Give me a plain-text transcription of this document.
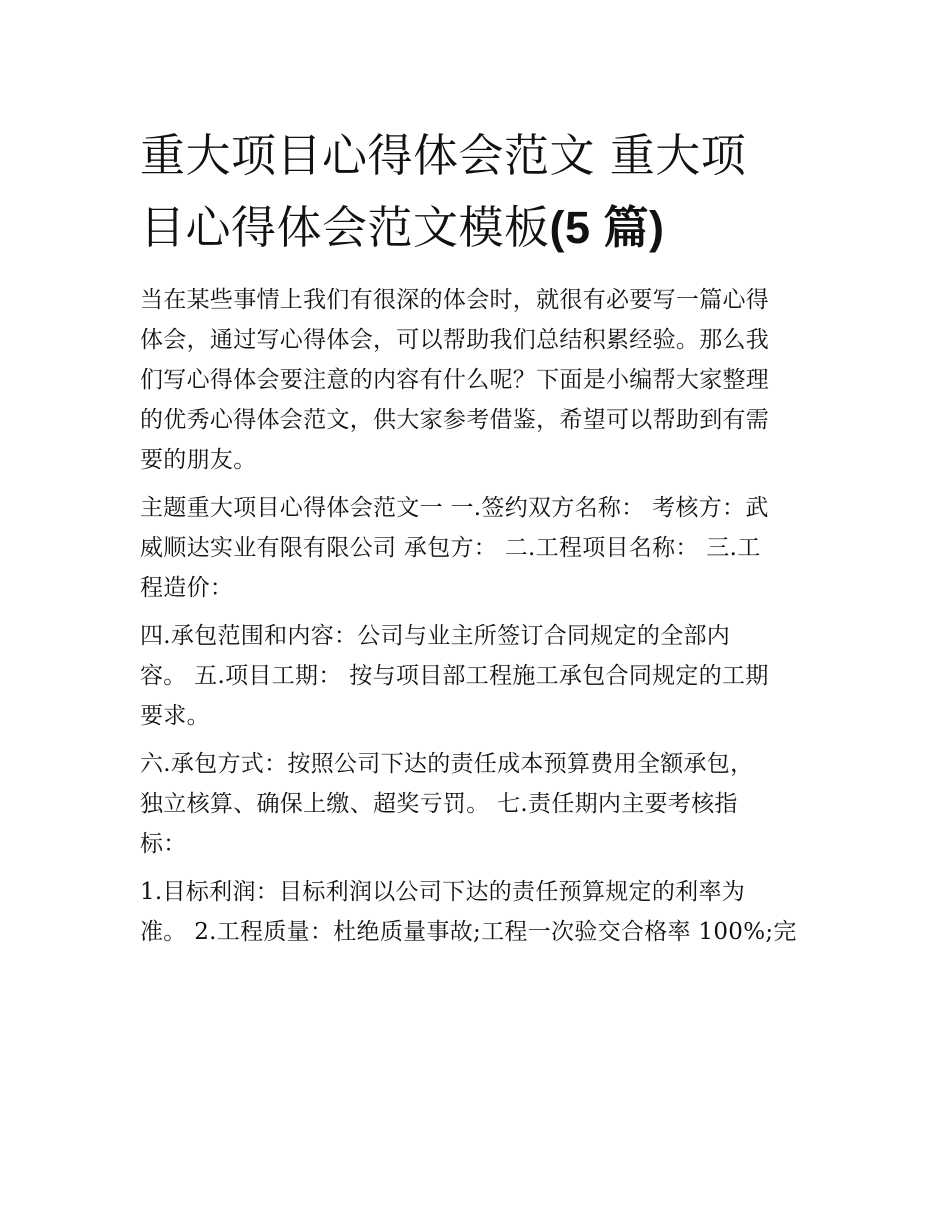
重大项目心得体会范文 重大项
目心得体会范文模板(5 篇)
当在某些事情上我们有很深的体会时，就很有必要写一篇心得
体会，通过写心得体会，可以帮助我们总结积累经验。那么我
们写心得体会要注意的内容有什么呢？下面是小编帮大家整理
的优秀心得体会范文，供大家参考借鉴，希望可以帮助到有需
要的朋友。
主题重大项目心得体会范文一 一.签约双方名称： 考核方：武
威顺达实业有限有限公司 承包方： 二.工程项目名称： 三.工
程造价：
四.承包范围和内容：公司与业主所签订合同规定的全部内
容。 五.项目工期： 按与项目部工程施工承包合同规定的工期
要求。
六.承包方式：按照公司下达的责任成本预算费用全额承包，
独立核算、确保上缴、超奖亏罚。 七.责任期内主要考核指
标：
1.目标利润：目标利润以公司下达的责任预算规定的利率为
准。 2.工程质量：杜绝质量事故;工程一次验交合格率 100%;完
